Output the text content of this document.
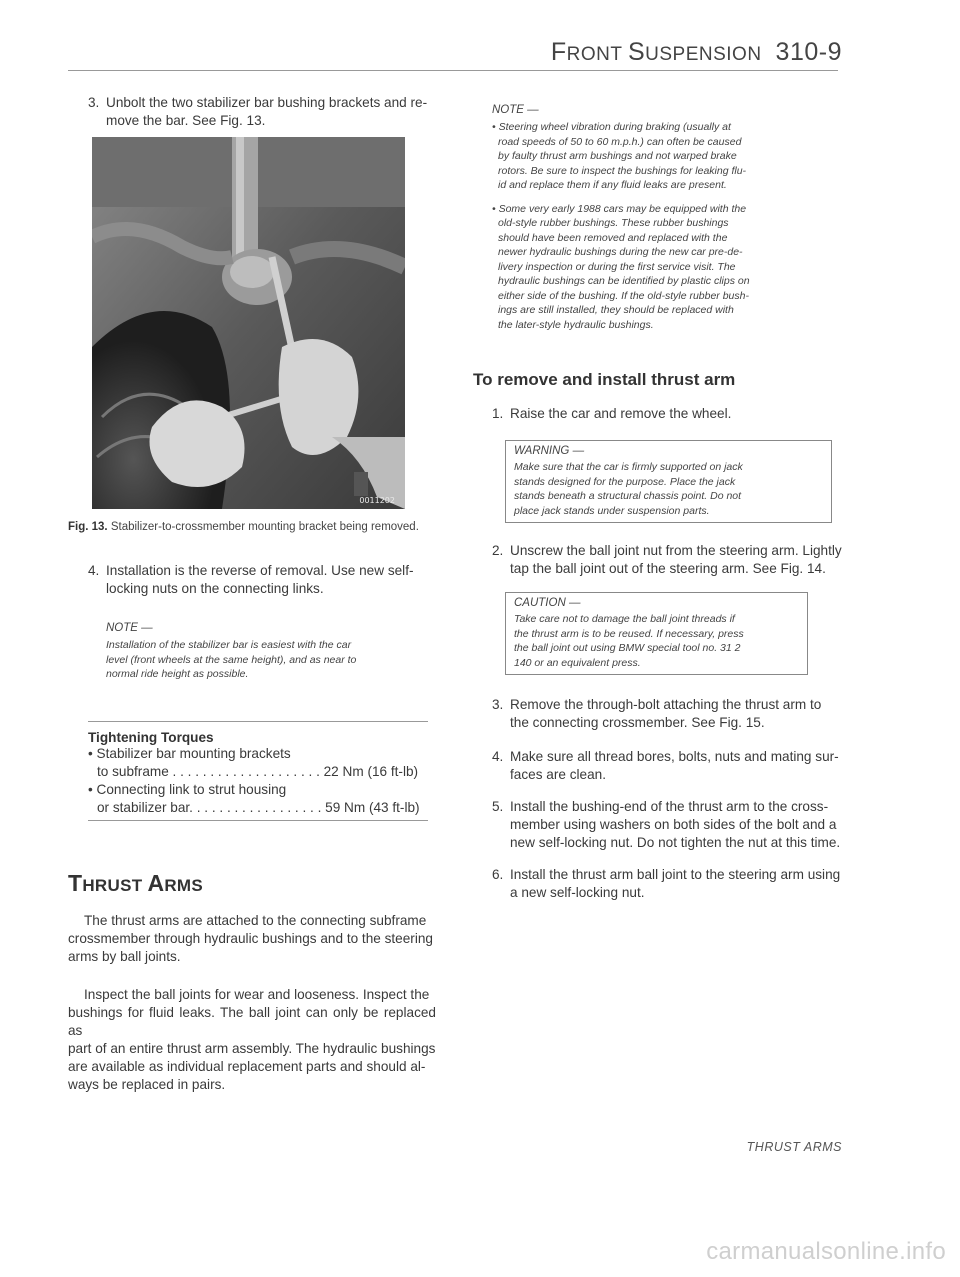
FRONT SUSPENSION 310-9
3. Unbolt the two stabilizer bar bushing brackets and re-
move the bar. See Fig. 13.
0011202
Fig. 13. Stabilizer-to-crossmember mounting bracket being removed.
4. Installation is the reverse of removal. Use new self-
locking nuts on the connecting links.
NOTE —
Installation of the stabilizer bar is easiest with the car
level (front wheels at the same height), and as near to
normal ride height as possible.
Tightening Torques
• Stabilizer bar mounting brackets
to subframe . . . . . . . . . . . . . . . . . . . . 22 Nm (16 ft-lb)
• Connecting link to strut housing
or stabilizer bar. . . . . . . . . . . . . . . . . . 59 Nm (43 ft-lb)
THRUST ARMS
The thrust arms are attached to the connecting subframe
crossmember through hydraulic bushings and to the steering
arms by ball joints.
Inspect the ball joints for wear and looseness. Inspect the
bushings for fluid leaks. The ball joint can only be replaced as
part of an entire thrust arm assembly. The hydraulic bushings
are available as individual replacement parts and should al-
ways be replaced in pairs.
NOTE —
• Steering wheel vibration during braking (usually at
road speeds of 50 to 60 m.p.h.) can often be caused
by faulty thrust arm bushings and not warped brake
rotors. Be sure to inspect the bushings for leaking flu-
id and replace them if any fluid leaks are present.
• Some very early 1988 cars may be equipped with the
old-style rubber bushings. These rubber bushings
should have been removed and replaced with the
newer hydraulic bushings during the new car pre-de-
livery inspection or during the first service visit. The
hydraulic bushings can be identified by plastic clips on
either side of the bushing. If the old-style rubber bush-
ings are still installed, they should be replaced with
the later-style hydraulic bushings.
To remove and install thrust arm
1. Raise the car and remove the wheel.
WARNING —
Make sure that the car is firmly supported on jack
stands designed for the purpose. Place the jack
stands beneath a structural chassis point. Do not
place jack stands under suspension parts.
2. Unscrew the ball joint nut from the steering arm. Lightly
tap the ball joint out of the steering arm. See Fig. 14.
CAUTION —
Take care not to damage the ball joint threads if
the thrust arm is to be reused. If necessary, press
the ball joint out using BMW special tool no. 31 2
140 or an equivalent press.
3. Remove the through-bolt attaching the thrust arm to
the connecting crossmember. See Fig. 15.
4. Make sure all thread bores, bolts, nuts and mating sur-
faces are clean.
5. Install the bushing-end of the thrust arm to the cross-
member using washers on both sides of the bolt and a
new self-locking nut. Do not tighten the nut at this time.
6. Install the thrust arm ball joint to the steering arm using
a new self-locking nut.
THRUST ARMS
carmanualsonline.info
